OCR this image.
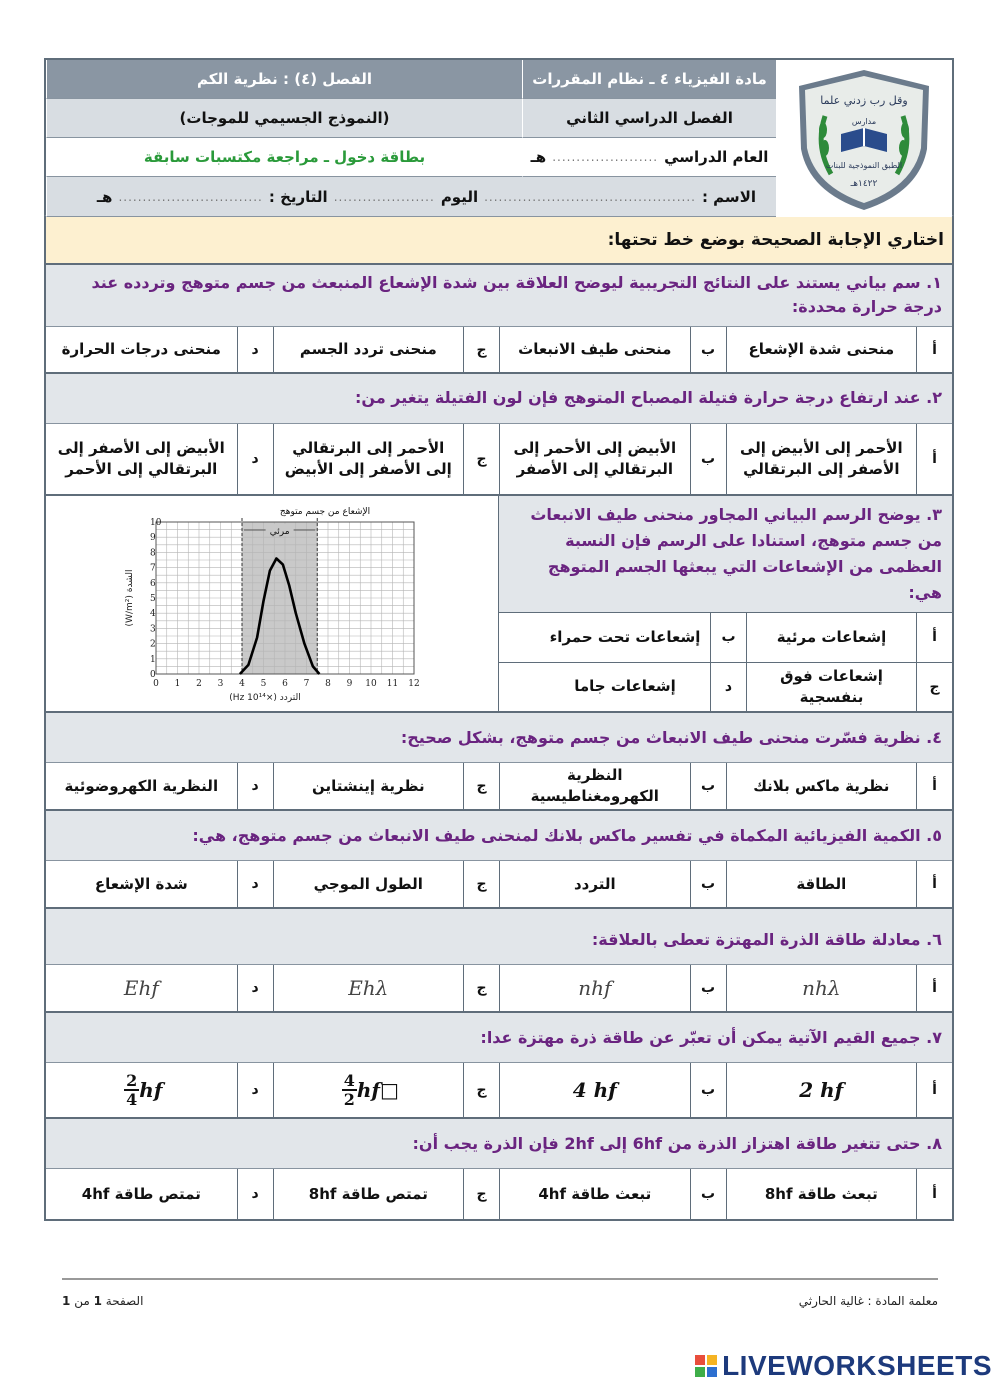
وقل رب زدني علما
مدارس
الطبق النموذجية للبنات
١٤٢٢هـ
مادة الفيزياء ٤ ـ نظام المقررات
الفصل (٤) : نظرية الكم
الفصل الدراسي الثاني
(النموذج الجسيمي للموجات)
العام الدراسي
......................
هـ
بطاقة دخول ـ مراجعة مكتسبات سابقة
الاسم :
............................................
اليوم
.....................
التاريخ :
..............................
هـ
اختاري الإجابة الصحيحة بوضع خط تحتها:
١. سم بياني يستند على النتائج التجريبية ليوضح العلاقة بين شدة الإشعاع المنبعث من جسم متوهج وتردده عند درجة حرارة محددة:
أ
منحنى شدة الإشعاع
ب
منحنى طيف الانبعاث
ج
منحنى تردد الجسم
د
منحنى درجات الحرارة
٢. عند ارتفاع درجة حرارة فتيلة المصباح المتوهج فإن لون الفتيلة يتغير من:
أ
الأحمر إلى الأبيض إلى الأصفر إلى البرتقالي
ب
الأبيض إلى الأحمر إلى البرتقالي إلى الأصفر
ج
الأحمر إلى البرتقالي إلى الأصفر إلى الأبيض
د
الأبيض إلى الأصفر إلى البرتقالي إلى الأحمر
٣. يوضح الرسم البياني المجاور منحنى طيف الانبعاث من جسم متوهج، استنادا على الرسم فإن النسبة العظمى من الإشعاعات التي يبعثها الجسم المتوهج هي:
أ
إشعاعات مرئية
ب
إشعاعات تحت حمراء
ج
إشعاعات فوق بنفسجية
د
إشعاعات جاما
مرئي
الإشعاع من جسم متوهج
0 1 2 3 4 5 6 7 8 9 10 11 12
0
1
2
3
4
5
6
7
8
9
10
التردد (×10¹⁴ Hz)
الشدة (W/m²)
٤. نظرية فسّرت منحنى طيف الانبعاث من جسم متوهج، بشكل صحيح:
أ
نظرية ماكس بلانك
ب
النظرية الكهرومغناطيسية
ج
نظرية إينشتاين
د
النظرية الكهروضوئية
٥. الكمية الفيزيائية المكماة في تفسير ماكس بلانك لمنحنى طيف الانبعاث من جسم متوهج، هي:
أ
الطاقة
ب
التردد
ج
الطول الموجي
د
شدة الإشعاع
٦. معادلة طاقة الذرة المهتزة تعطى بالعلاقة:
أ
nhλ
ب
nhf
ج
Ehλ
د
Ehf
٧. جميع القيم الآتية يمكن أن تعبّر عن طاقة ذرة مهتزة عدا:
أ
2 hf
ب
4 hf
ج
$\frac{4}{2}$ hf□
د
$\frac{2}{4}$ hf
٨. حتى تتغير طاقة اهتزاز الذرة من 6hf إلى 2hf فإن الذرة يجب أن:
أ
تبعث طاقة 8hf
ب
تبعث طاقة 4hf
ج
تمتص طاقة 8hf
د
تمتص طاقة 4hf
معلمة المادة : غالية الحارثي
الصفحة 1 من 1
LIVEWORKSHEETS
